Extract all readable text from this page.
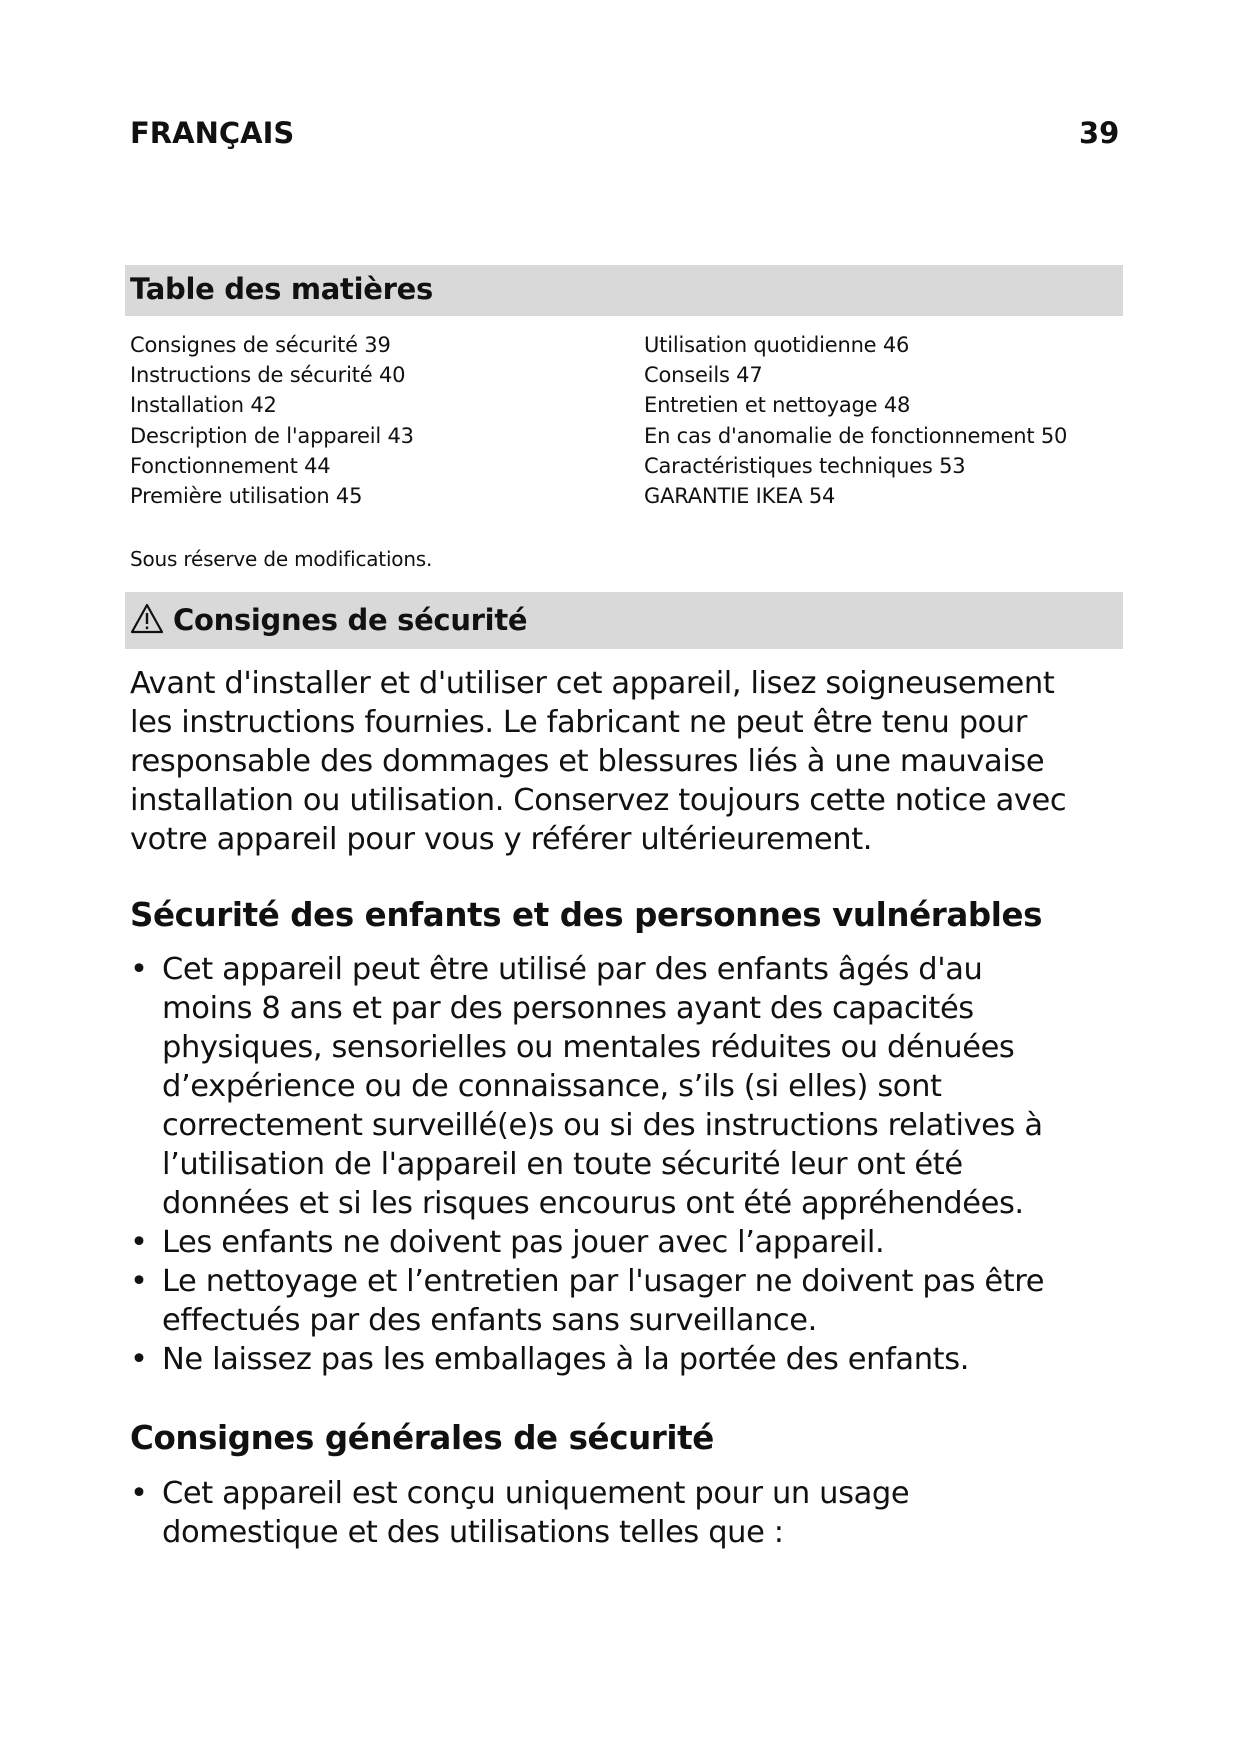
FRANÇAIS	39
Table des matières
Consignes de sécurité 39
Instructions de sécurité 40
Installation 42
Description de l'appareil 43
Fonctionnement 44
Première utilisation 45
Utilisation quotidienne 46
Conseils 47
Entretien et nettoyage 48
En cas d'anomalie de fonctionnement 50
Caractéristiques techniques 53
GARANTIE IKEA 54
Sous réserve de modifications.
Consignes de sécurité
Avant d'installer et d'utiliser cet appareil, lisez soigneusement
les instructions fournies. Le fabricant ne peut être tenu pour
responsable des dommages et blessures liés à une mauvaise
installation ou utilisation. Conservez toujours cette notice avec
votre appareil pour vous y référer ultérieurement.
Sécurité des enfants et des personnes vulnérables
• Cet appareil peut être utilisé par des enfants âgés d'au
moins 8 ans et par des personnes ayant des capacités
physiques, sensorielles ou mentales réduites ou dénuées
d’expérience ou de connaissance, s’ils (si elles) sont
correctement surveillé(e)s ou si des instructions relatives à
l’utilisation de l'appareil en toute sécurité leur ont été
données et si les risques encourus ont été appréhendées.
• Les enfants ne doivent pas jouer avec l’appareil.
• Le nettoyage et l’entretien par l'usager ne doivent pas être
effectués par des enfants sans surveillance.
• Ne laissez pas les emballages à la portée des enfants.
Consignes générales de sécurité
• Cet appareil est conçu uniquement pour un usage
domestique et des utilisations telles que :
